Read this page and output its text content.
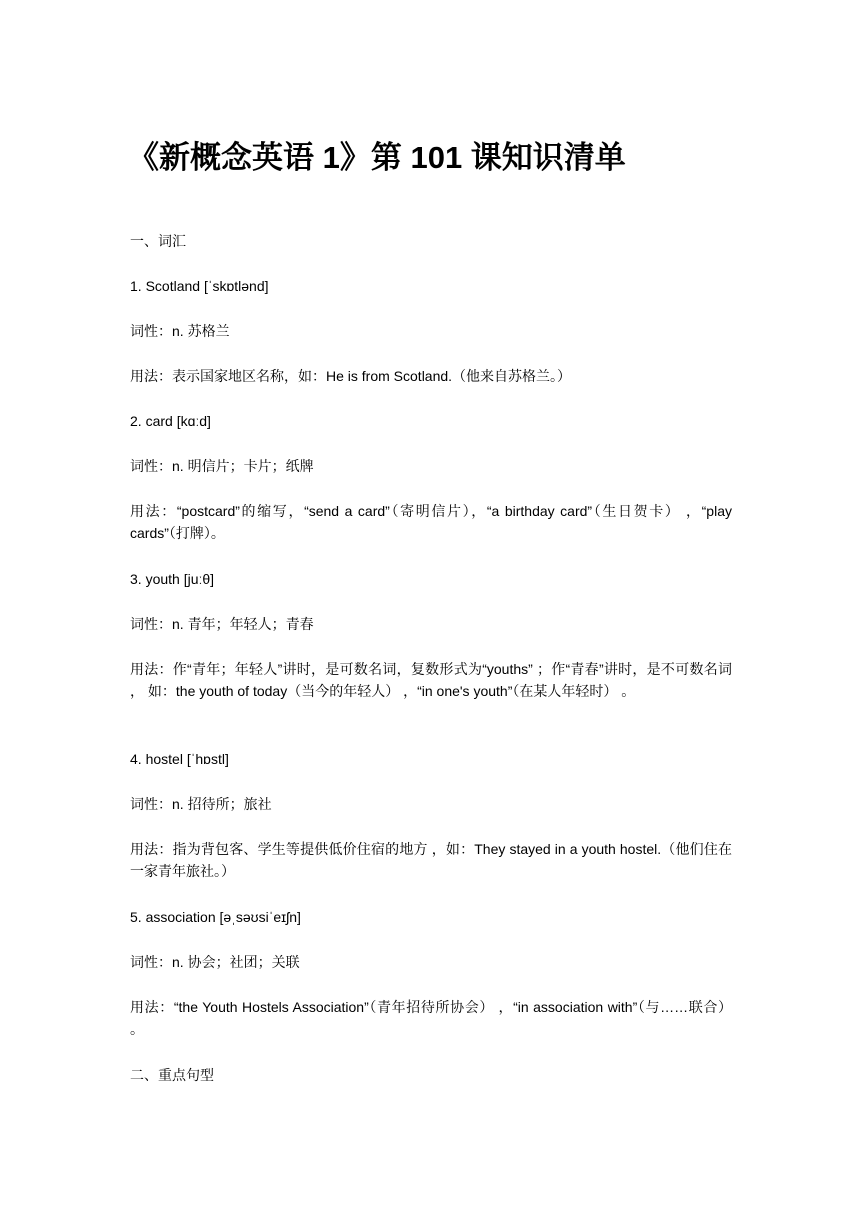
《新概念英语 1》第 101 课知识清单

一、词汇

1. Scotland [ˈskɒtlənd]

词性：n. 苏格兰

用法：表示国家地区名称，如：He is from Scotland.（他来自苏格兰。）

2. card [kɑːd]

词性：n. 明信片；卡片；纸牌

用法：“postcard”的缩写，“send a card”（寄明信片），“a birthday card”（生日贺卡） ，“play cards”（打牌）。

3. youth [juːθ]

词性：n. 青年；年轻人；青春

用法：作“青年；年轻人”讲时，是可数名词，复数形式为“youths” ；作“青春”讲时，是不可数名词 ， 如：the youth of today（当今的年轻人） ，“in one's youth”（在某人年轻时） 。

4. hostel [ˈhɒstl]

词性：n. 招待所；旅社

用法：指为背包客、学生等提供低价住宿的地方 ，如：They stayed in a youth hostel.（他们住在一家青年旅社。）

5. association [əˌsəʊsiˈeɪʃn]

词性：n. 协会；社团；关联

用法：“the Youth Hostels Association”（青年招待所协会） ，“in association with”（与……联合） 。

二、重点句型
